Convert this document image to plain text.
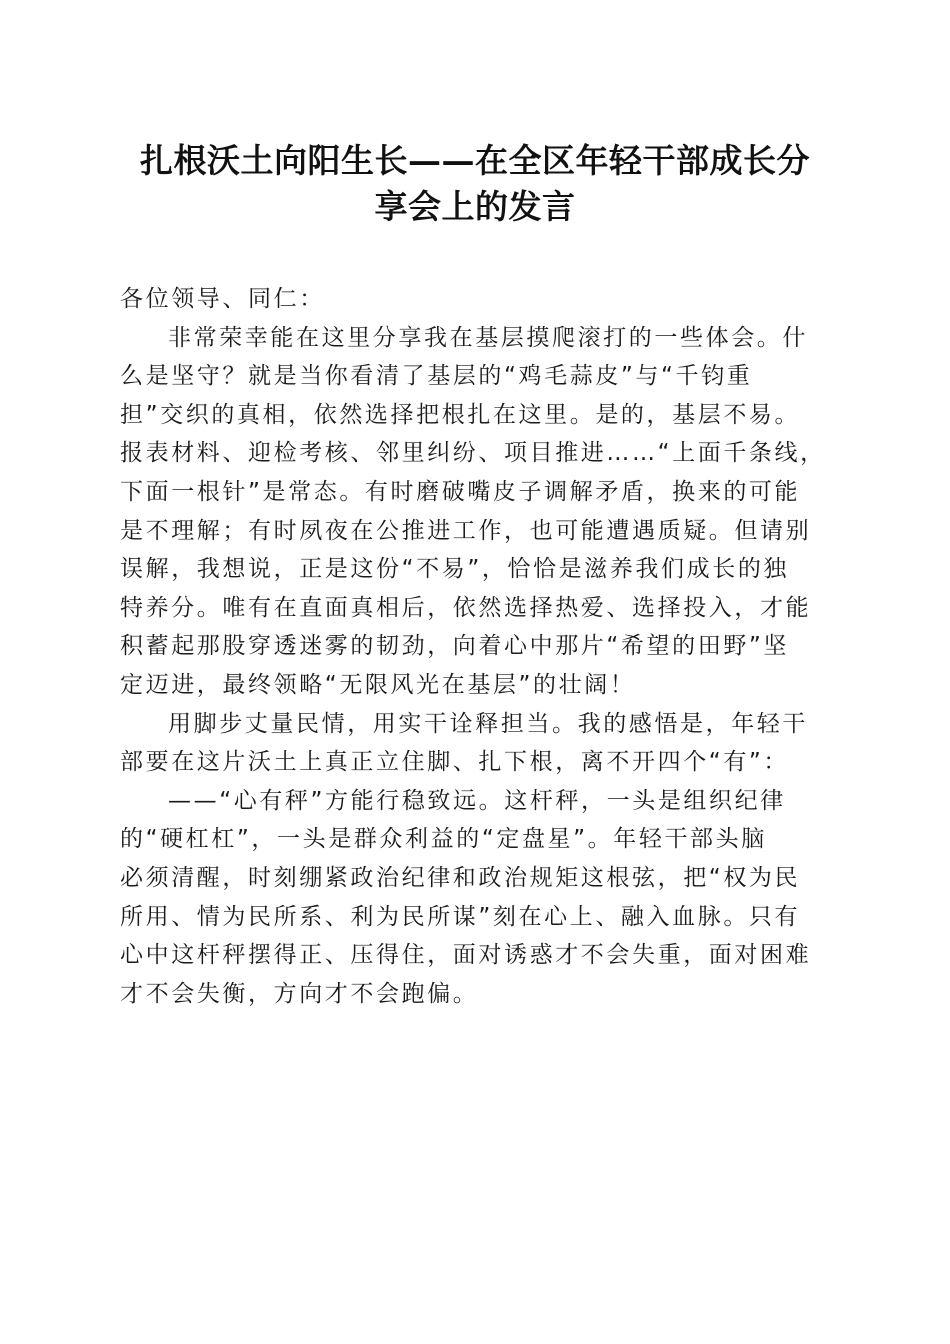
扎根沃土向阳生长——在全区年轻干部成长分
享会上的发言

各位领导、同仁：

非常荣幸能在这里分享我在基层摸爬滚打的一些体会。什
么是坚守？就是当你看清了基层的“鸡毛蒜皮”与“千钧重
担”交织的真相，依然选择把根扎在这里。是的，基层不易。
报表材料、迎检考核、邻里纠纷、项目推进……“上面千条线，
下面一根针”是常态。有时磨破嘴皮子调解矛盾，换来的可能
是不理解；有时夙夜在公推进工作，也可能遭遇质疑。但请别
误解，我想说，正是这份“不易”，恰恰是滋养我们成长的独
特养分。唯有在直面真相后，依然选择热爱、选择投入，才能
积蓄起那股穿透迷雾的韧劲，向着心中那片“希望的田野”坚
定迈进，最终领略“无限风光在基层”的壮阔！

用脚步丈量民情，用实干诠释担当。我的感悟是，年轻干
部要在这片沃土上真正立住脚、扎下根，离不开四个“有”：

——“心有秤”方能行稳致远。这杆秤，一头是组织纪律
的“硬杠杠”，一头是群众利益的“定盘星”。年轻干部头脑
必须清醒，时刻绷紧政治纪律和政治规矩这根弦，把“权为民
所用、情为民所系、利为民所谋”刻在心上、融入血脉。只有
心中这杆秤摆得正、压得住，面对诱惑才不会失重，面对困难
才不会失衡，方向才不会跑偏。
